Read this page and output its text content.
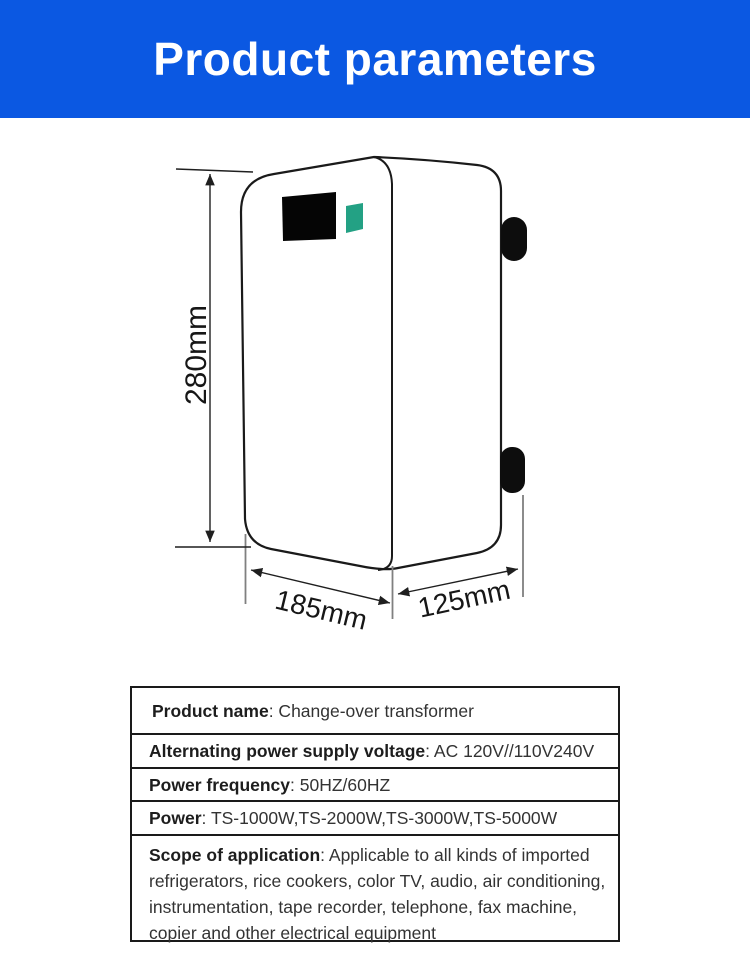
Product parameters
280mm
185mm 125mm
Product name: Change-over transformer
Alternating power supply voltage: AC 120V//110V240V
Power frequency: 50HZ/60HZ
Power: TS-1000W,TS-2000W,TS-3000W,TS-5000W
Scope of application: Applicable to all kinds of imported refrigerators, rice cookers, color TV, audio, air conditioning, instrumentation, tape recorder, telephone, fax machine, copier and other electrical equipment
